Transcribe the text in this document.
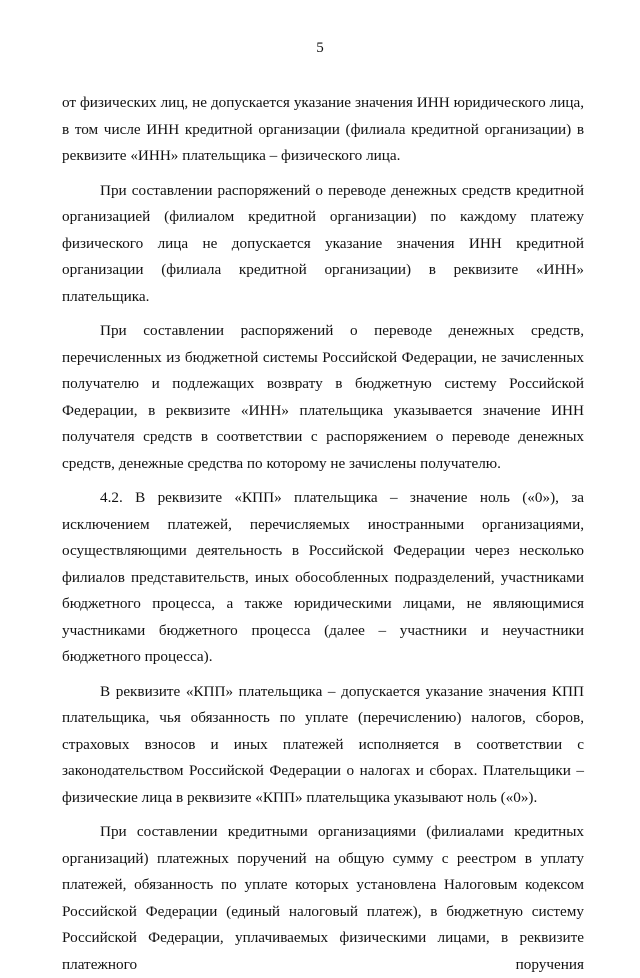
5

от физических лиц, не допускается указание значения ИНН юридического лица, в том числе ИНН кредитной организации (филиала кредитной организации) в реквизите «ИНН» плательщика – физического лица.

При составлении распоряжений о переводе денежных средств кредитной организацией (филиалом кредитной организации) по каждому платежу физического лица не допускается указание значения ИНН кредитной организации (филиала кредитной организации) в реквизите «ИНН» плательщика.

При составлении распоряжений о переводе денежных средств, перечисленных из бюджетной системы Российской Федерации, не зачисленных получателю и подлежащих возврату в бюджетную систему Российской Федерации, в реквизите «ИНН» плательщика указывается значение ИНН получателя средств в соответствии с распоряжением о переводе денежных средств, денежные средства по которому не зачислены получателю.

4.2. В реквизите «КПП» плательщика – значение ноль («0»), за исключением платежей, перечисляемых иностранными организациями, осуществляющими деятельность в Российской Федерации через несколько филиалов представительств, иных обособленных подразделений, участниками бюджетного процесса, а также юридическими лицами, не являющимися участниками бюджетного процесса (далее – участники и неучастники бюджетного процесса).

В реквизите «КПП» плательщика – допускается указание значения КПП плательщика, чья обязанность по уплате (перечислению) налогов, сборов, страховых взносов и иных платежей исполняется в соответствии с законодательством Российской Федерации о налогах и сборах. Плательщики – физические лица в реквизите «КПП» плательщика указывают ноль («0»).

При составлении кредитными организациями (филиалами кредитных организаций) платежных поручений на общую сумму с реестром в уплату платежей, обязанность по уплате которых установлена Налоговым кодексом Российской Федерации (единый налоговый платеж), в бюджетную систему Российской Федерации, уплачиваемых физическими лицами, в реквизите платежного поручения
